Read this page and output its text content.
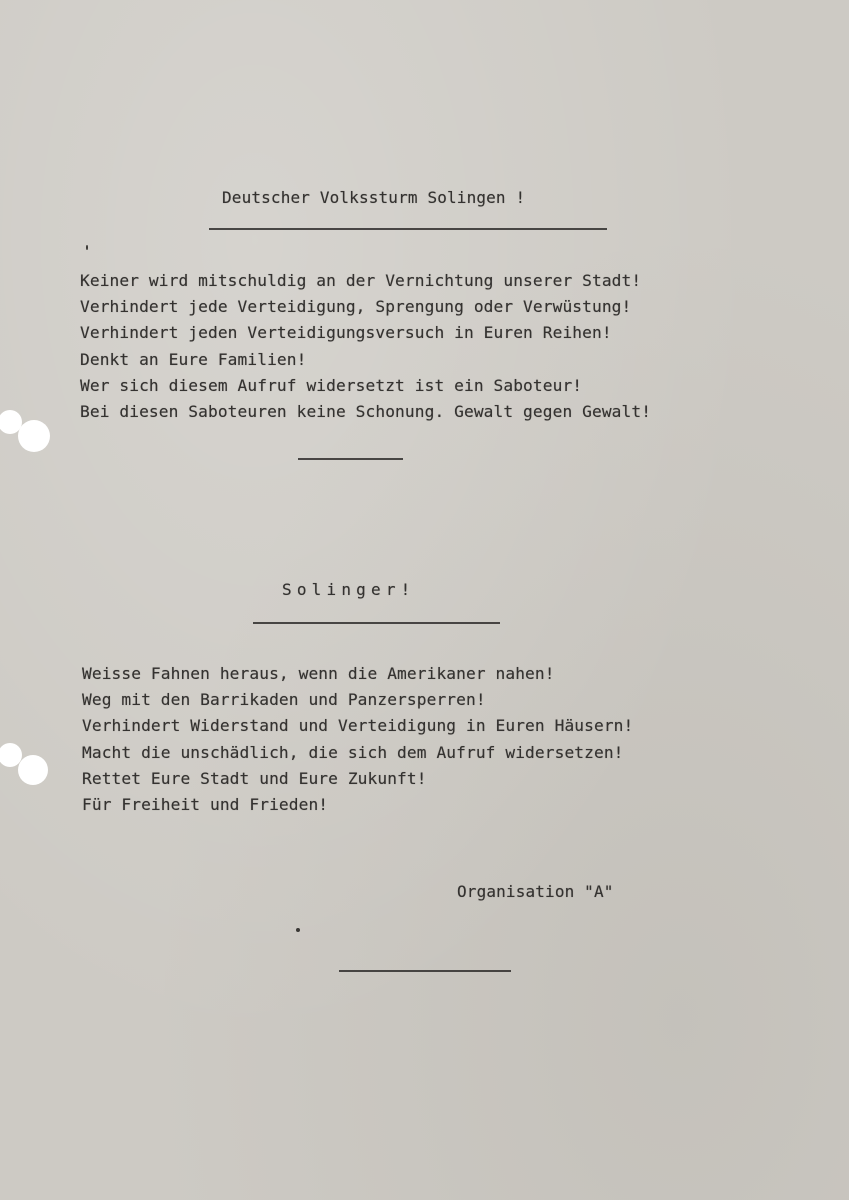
Deutscher Volkssturm Solingen !
Keiner wird mitschuldig an der Vernichtung unserer Stadt!
Verhindert jede Verteidigung, Sprengung oder Verwüstung!
Verhindert jeden Verteidigungsversuch in Euren Reihen!
Denkt an Eure Familien!
Wer sich diesem Aufruf widersetzt ist ein Saboteur!
Bei diesen Saboteuren keine Schonung. Gewalt gegen Gewalt!
Solinger!
Weisse Fahnen heraus, wenn die Amerikaner nahen!
Weg mit den Barrikaden und Panzersperren!
Verhindert Widerstand und Verteidigung in Euren Häusern!
Macht die unschädlich, die sich dem Aufruf widersetzen!
Rettet Eure Stadt und Eure Zukunft!
Für Freiheit und Frieden!
Organisation "A"
